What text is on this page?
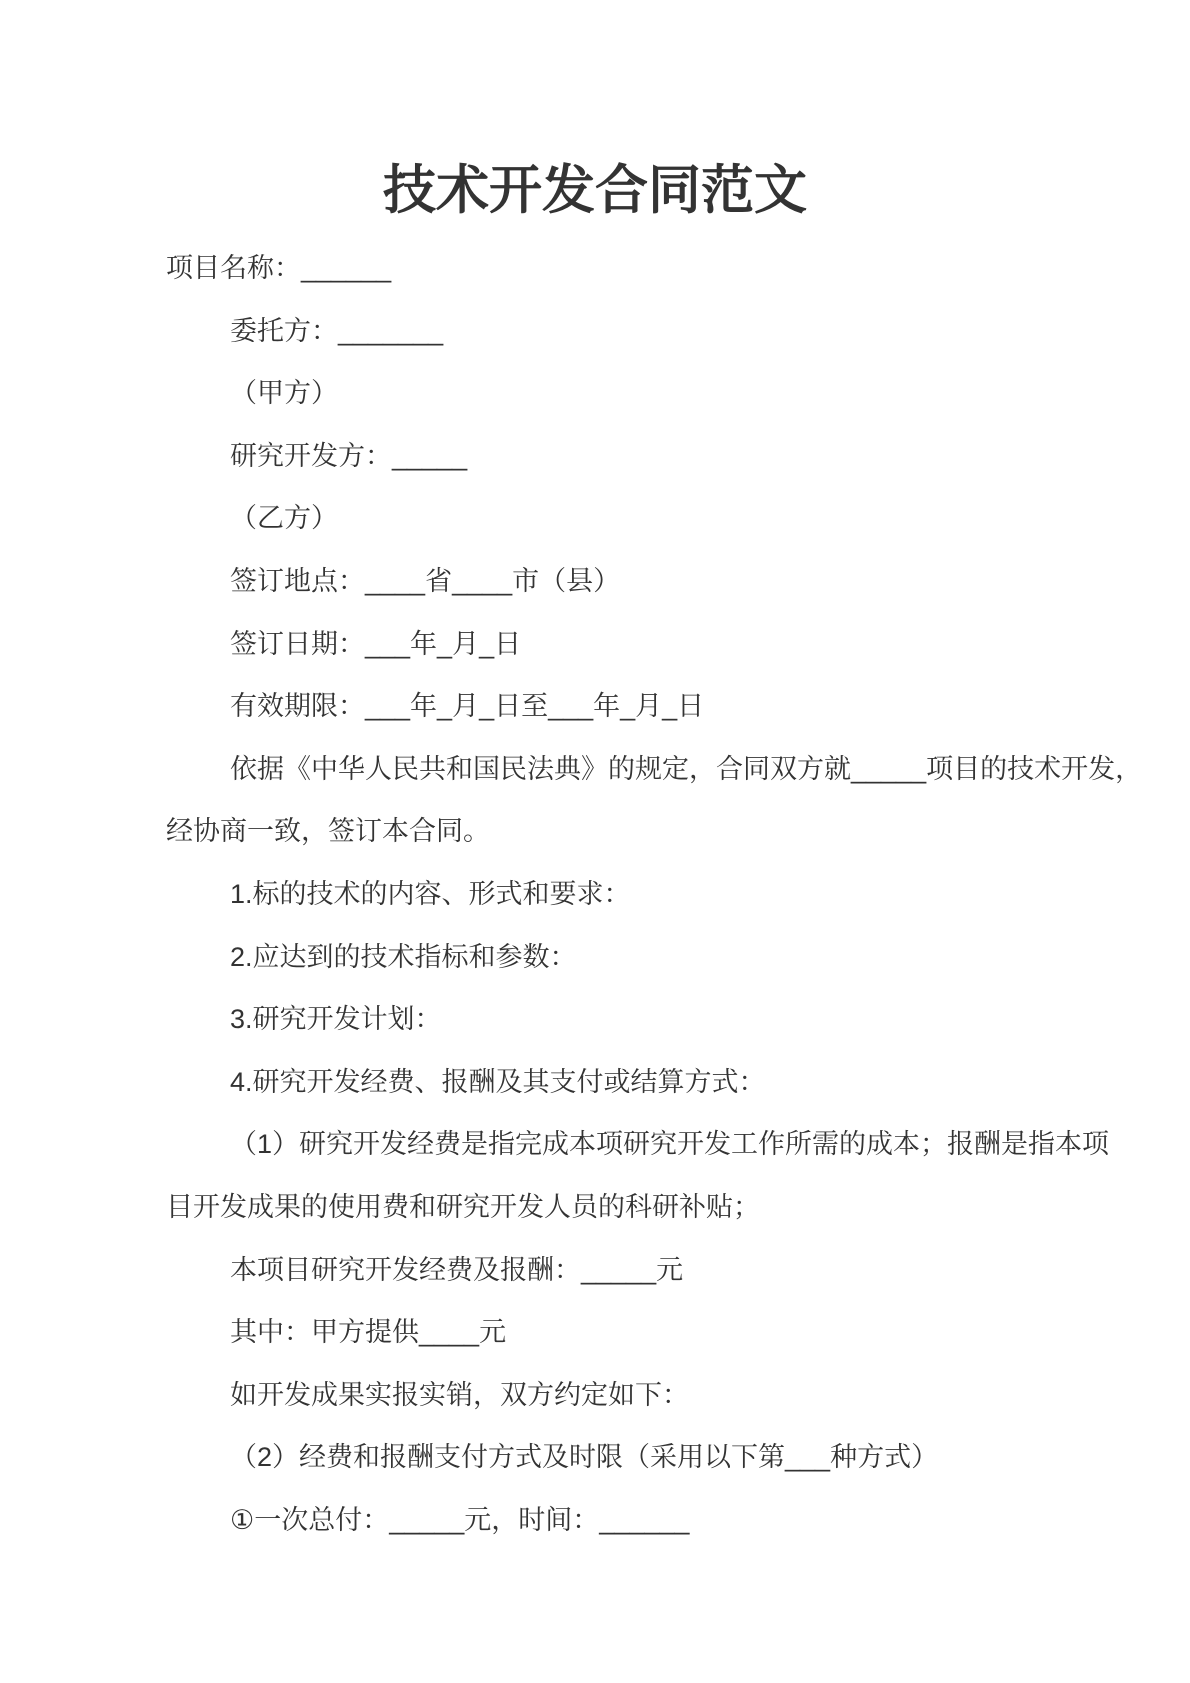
技术开发合同范文
项目名称：______
委托方：_______
（甲方）
研究开发方：_____
（乙方）
签订地点：____省____市（县）
签订日期：___年_月_日
有效期限：___年_月_日至___年_月_日
依据《中华人民共和国民法典》的规定，合同双方就_____项目的技术开发，
经协商一致，签订本合同。
1.标的技术的内容、形式和要求：
2.应达到的技术指标和参数：
3.研究开发计划：
4.研究开发经费、报酬及其支付或结算方式：
（1）研究开发经费是指完成本项研究开发工作所需的成本；报酬是指本项
目开发成果的使用费和研究开发人员的科研补贴；
本项目研究开发经费及报酬：_____元
其中：甲方提供____元
如开发成果实报实销，双方约定如下：
（2）经费和报酬支付方式及时限（采用以下第___种方式）
①一次总付：_____元，时间：______
